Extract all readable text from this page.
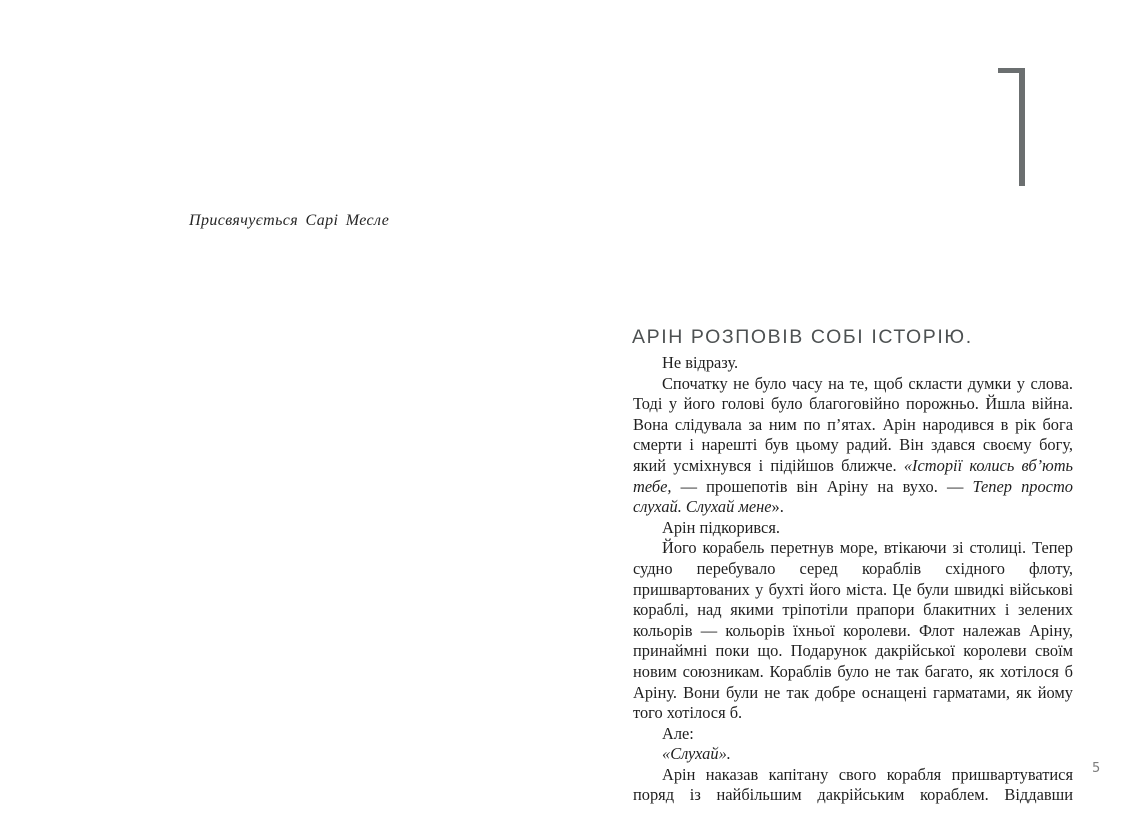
Присвячується Сарі Месле

АРІН РОЗПОВІВ СОБІ ІСТОРІЮ.

Не відразу.

Спочатку не було часу на те, щоб скласти думки у слова. Тоді у його голові було благоговійно порожньо. Йшла війна. Вона слідувала за ним по п’ятах. Арін народився в рік бога смерти і нарешті був цьому радий. Він здався своєму богу, який усміхнувся і підійшов ближче. «Історії колись вб’ють тебе, — прошепотів він Аріну на вухо. — Тепер просто слухай. Слухай мене».

Арін підкорився.

Його корабель перетнув море, втікаючи зі столиці. Тепер судно перебувало серед кораблів східного флоту, пришвартованих у бухті його міста. Це були швидкі військові кораблі, над якими тріпотіли прапори блакитних і зелених кольорів — кольорів їхньої королеви. Флот належав Аріну, принаймні поки що. Подарунок дакрійської королеви своїм новим союзникам. Кораблів було не так багато, як хотілося б Аріну. Вони були не так добре оснащені гарматами, як йому того хотілося б.

Але:

«Слухай».

Арін наказав капітану свого корабля пришвартуватися поряд із найбільшим дакрійським кораблем. Віддавши

5
